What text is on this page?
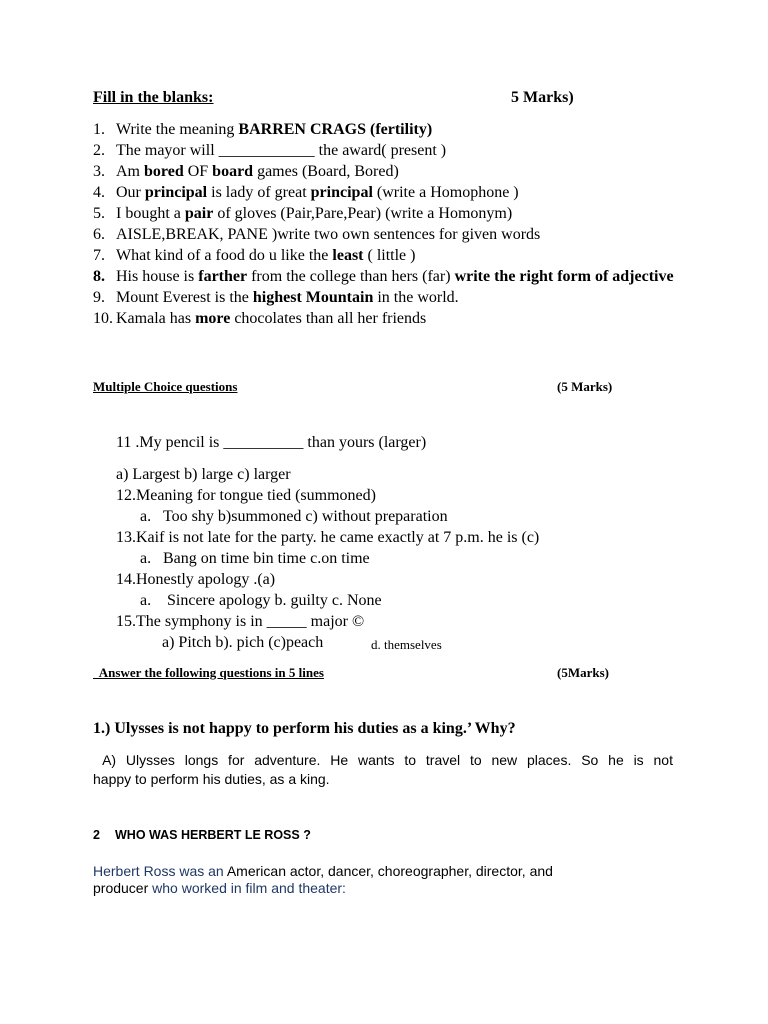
Fill in the blanks:	5 Marks)
1. Write the meaning BARREN CRAGS (fertility)
2. The mayor will ____________ the award( present )
3. Am bored OF board games (Board, Bored)
4. Our principal is lady of great principal (write a Homophone )
5. I bought a pair of gloves (Pair,Pare,Pear) (write a Homonym)
6. AISLE,BREAK, PANE )write two own sentences for given words
7. What kind of a food do u like the least ( little )
8. His house is farther from the college than hers (far) write the right form of adjective
9. Mount Everest is the highest Mountain in the world.
10. Kamala has more chocolates than all her friends
Multiple Choice questions	(5 Marks)
11 .My pencil is __________ than yours (larger)
a) Largest b) large c) larger
12.Meaning for tongue tied (summoned)
a. Too shy b)summoned c) without preparation
13.Kaif is not late for the party. he came exactly at 7 p.m. he is (c)
a. Bang on time bin time c.on time
14.Honestly apology .(a)
a. Sincere apology b. guilty c. None
15.The symphony is in _____ major ©
a) Pitch b). pich (c)peach	d. themselves
Answer the following questions in 5 lines	(5Marks)
1.) Ulysses is not happy to perform his duties as a king.’ Why?
A) Ulysses longs for adventure. He wants to travel to new places. So he is not
happy to perform his duties, as a king.
2 WHO WAS HERBERT LE ROSS ?
Herbert Ross was an American actor, dancer, choreographer, director, and
producer who worked in film and theater:
